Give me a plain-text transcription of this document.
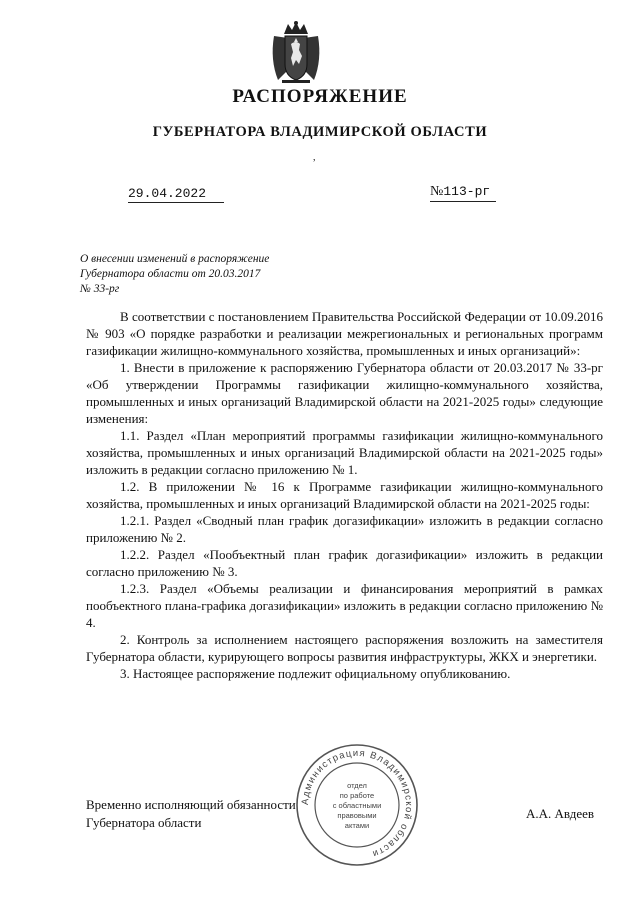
РАСПОРЯЖЕНИЕ
ГУБЕРНАТОРА ВЛАДИМИРСКОЙ ОБЛАСТИ
,
29.04.2022	№113-рг
О внесении изменений в распоряжение
Губернатора области от 20.03.2017
№ 33-рг

В соответствии с постановлением Правительства Российской Федерации от 10.09.2016 № 903 «О порядке разработки и реализации межрегиональных и региональных программ газификации жилищно-коммунального хозяйства, промышленных и иных организаций»:

1. Внести в приложение к распоряжению Губернатора области от 20.03.2017 № 33-рг «Об утверждении Программы газификации жилищно-коммунального хозяйства, промышленных и иных организаций Владимирской области на 2021-2025 годы» следующие изменения:

1.1. Раздел «План мероприятий программы газификации жилищно-коммунального хозяйства, промышленных и иных организаций Владимирской области на 2021-2025 годы» изложить в редакции согласно приложению № 1.

1.2. В приложении № 16 к Программе газификации жилищно-коммунального хозяйства, промышленных и иных организаций Владимирской области на 2021-2025 годы:

1.2.1. Раздел «Сводный план график догазификации» изложить в редакции согласно приложению № 2.

1.2.2. Раздел «Пообъектный план график догазификации» изложить в редакции согласно приложению № 3.

1.2.3. Раздел «Объемы реализации и финансирования мероприятий в рамках пообъектного плана-графика догазификации» изложить в редакции согласно приложению № 4.

2. Контроль за исполнением настоящего распоряжения возложить на заместителя Губернатора области, курирующего вопросы развития инфраструктуры, ЖКХ и энергетики.

3. Настоящее распоряжение подлежит официальному опубликованию.

Временно исполняющий обязанности
Губернатора области
А.А. Авдеев
Администрация Владимирской области
отдел
по работе
с областными
правовыми
актами
